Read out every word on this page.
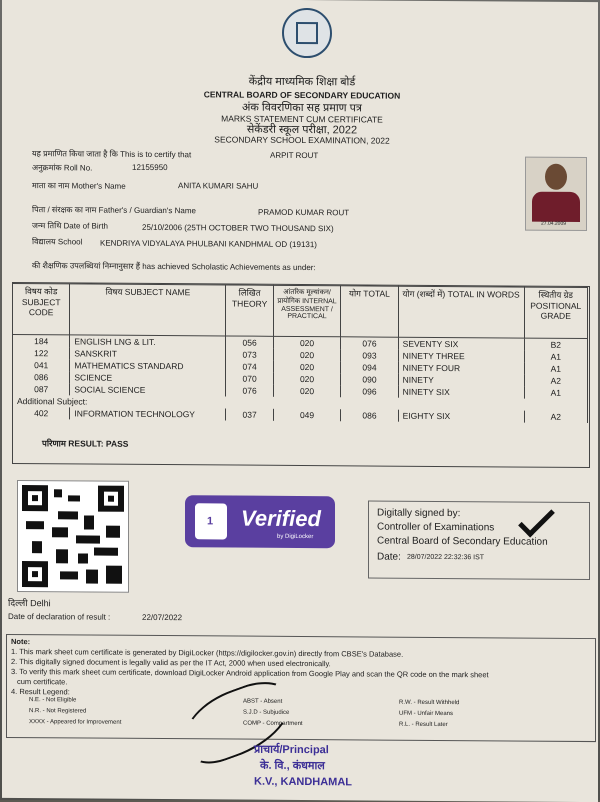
केंद्रीय माध्यमिक शिक्षा बोर्ड
CENTRAL BOARD OF SECONDARY EDUCATION
अंक विवरणिका सह प्रमाण पत्र
MARKS STATEMENT CUM CERTIFICATE
सेकेंडरी स्कूल परीक्षा, 2022
SECONDARY SCHOOL EXAMINATION, 2022
यह प्रमाणित किया जाता है कि This is to certify that	ARPIT ROUT
अनुक्रमांक Roll No.	12155950
माता का नाम Mother's Name	ANITA KUMARI SAHU
पिता / संरक्षक का नाम Father's / Guardian's Name	PRAMOD KUMAR ROUT
जन्म तिथि Date of Birth	25/10/2006 (25TH OCTOBER TWO THOUSAND SIX)
विद्यालय School KENDRIYA VIDYALAYA PHULBANI KANDHMAL OD (19131)
की शैक्षणिक उपलब्धियां निम्नानुसार हैं has achieved Scholastic Achievements as under:
27.04.2009
विषय कोड SUBJECT CODE	विषय SUBJECT NAME	लिखित THEORY	आंतरिक मूल्यांकन/प्रायोगिक INTERNAL ASSESSMENT / PRACTICAL	योग TOTAL	योग (शब्दों में) TOTAL IN WORDS	स्थितीय ग्रेड POSITIONAL GRADE
184	ENGLISH LNG & LIT.	056	020	076	SEVENTY SIX	B2
122	SANSKRIT	073	020	093	NINETY THREE	A1
041	MATHEMATICS STANDARD	074	020	094	NINETY FOUR	A1
086	SCIENCE	070	020	090	NINETY	A2
087	SOCIAL SCIENCE	076	020	096	NINETY SIX	A1
Additional Subject:						
402	INFORMATION TECHNOLOGY	037	049	086	EIGHTY SIX	A2
परिणाम RESULT: PASS
1
Verified
by DigiLocker
Digitally signed by:
Controller of Examinations
Central Board of Secondary Education
Date: 28/07/2022 22:32:36 IST
दिल्ली Delhi
Date of declaration of result :	22/07/2022
Note:
1. This mark sheet cum certificate is generated by DigiLocker (https://digilocker.gov.in) directly from CBSE's Database.
2. This digitally signed document is legally valid as per the IT Act, 2000 when used electronically.
3. To verify this mark sheet cum certificate, download DigiLocker Android application from Google Play and scan the QR code on the mark sheet
cum certificate.
4. Result Legend:
N.E. - Not Eligible	ABST - Absent	R.W. - Result Withheld
N.R. - Not Registered	S.J.D - Subjudice	UFM - Unfair Means
XXXX - Appeared for Improvement	COMP - Compartment	R.L. - Result Later
प्राचार्य/Principal
के. वि., कंधमाल
K.V., KANDHAMAL
